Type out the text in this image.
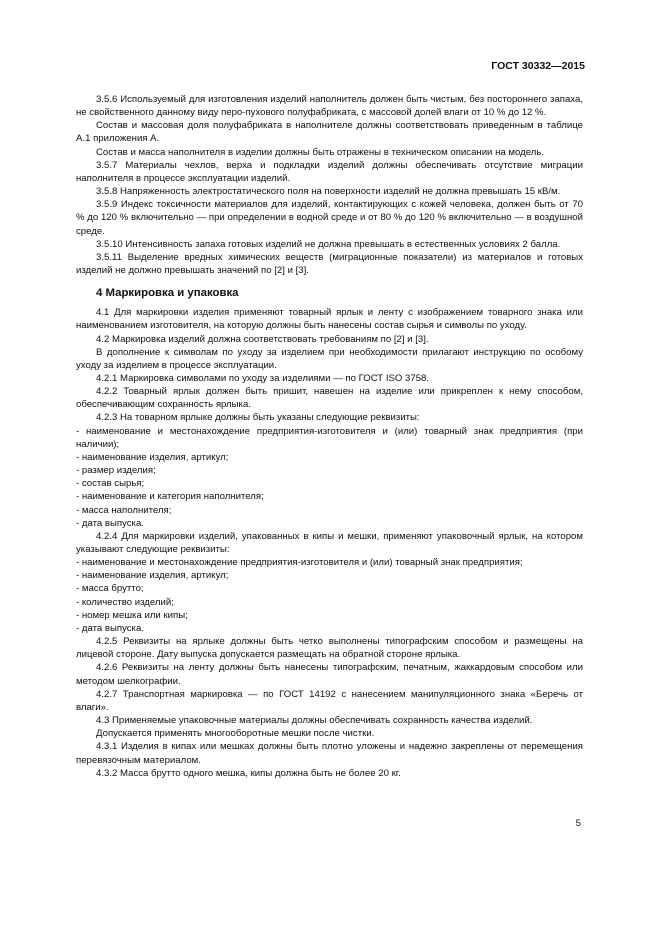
ГОСТ 30332—2015

3.5.6 Используемый для изготовления изделий наполнитель должен быть чистым, без постороннего запаха, не свойственного данному виду перо-пухового полуфабриката, с массовой долей влаги от 10 % до 12 %.

Состав и массовая доля полуфабриката в наполнителе должны соответствовать приведенным в таблице А.1 приложения А.

Состав и масса наполнителя в изделии должны быть отражены в техническом описании на модель.

3.5.7 Материалы чехлов, верха и подкладки изделий должны обеспечивать отсутствие миграции наполнителя в процессе эксплуатации изделий.

3.5.8 Напряженность электростатического поля на поверхности изделий не должна превышать 15 кВ/м.

3.5.9 Индекс токсичности материалов для изделий, контактирующих с кожей человека, должен быть от 70 % до 120 % включительно — при определении в водной среде и от 80 % до 120 % включительно — в воздушной среде.

3.5.10 Интенсивность запаха готовых изделий не должна превышать в естественных условиях 2 балла.

3.5.11 Выделение вредных химических веществ (миграционные показатели) из материалов и готовых изделий не должно превышать значений по [2] и [3].

4 Маркировка и упаковка

4.1 Для маркировки изделия применяют товарный ярлык и ленту с изображением товарного знака или наименованием изготовителя, на которую должны быть нанесены состав сырья и символы по уходу.

4.2 Маркировка изделий должна соответствовать требованиям по [2] и [3].

В дополнение к символам по уходу за изделием при необходимости прилагают инструкцию по особому уходу за изделием в процессе эксплуатации.

4.2.1 Маркировка символами по уходу за изделиями — по ГОСТ ISO 3758.

4.2.2 Товарный ярлык должен быть пришит, навешен на изделие или прикреплен к нему способом, обеспечивающим сохранность ярлыка.

4.2.3 На товарном ярлыке должны быть указаны следующие реквизиты:

- наименование и местонахождение предприятия-изготовителя и (или) товарный знак предприятия (при наличии);

- наименование изделия, артикул;

- размер изделия;

- состав сырья;

- наименование и категория наполнителя;

- масса наполнителя;

- дата выпуска.

4.2.4 Для маркировки изделий, упакованных в кипы и мешки, применяют упаковочный ярлык, на котором указывают следующие реквизиты:

- наименование и местонахождение предприятия-изготовителя и (или) товарный знак предприятия;

- наименование изделия, артикул;

- масса брутто;

- количество изделий;

- номер мешка или кипы;

- дата выпуска.

4.2.5 Реквизиты на ярлыке должны быть четко выполнены типографским способом и размещены на лицевой стороне. Дату выпуска допускается размещать на обратной стороне ярлыка.

4.2.6 Реквизиты на ленту должны быть нанесены типографским, печатным, жаккардовым способом или методом шелкографии.

4.2.7 Транспортная маркировка — по ГОСТ 14192 с нанесением манипуляционного знака «Беречь от влаги».

4.3 Применяемые упаковочные материалы должны обеспечивать сохранность качества изделий.

Допускается применять многооборотные мешки после чистки.

4.3.1 Изделия в кипах или мешках должны быть плотно уложены и надежно закреплены от перемещения перевязочным материалом.

4.3.2 Масса брутто одного мешка, кипы должна быть не более 20 кг.

5
